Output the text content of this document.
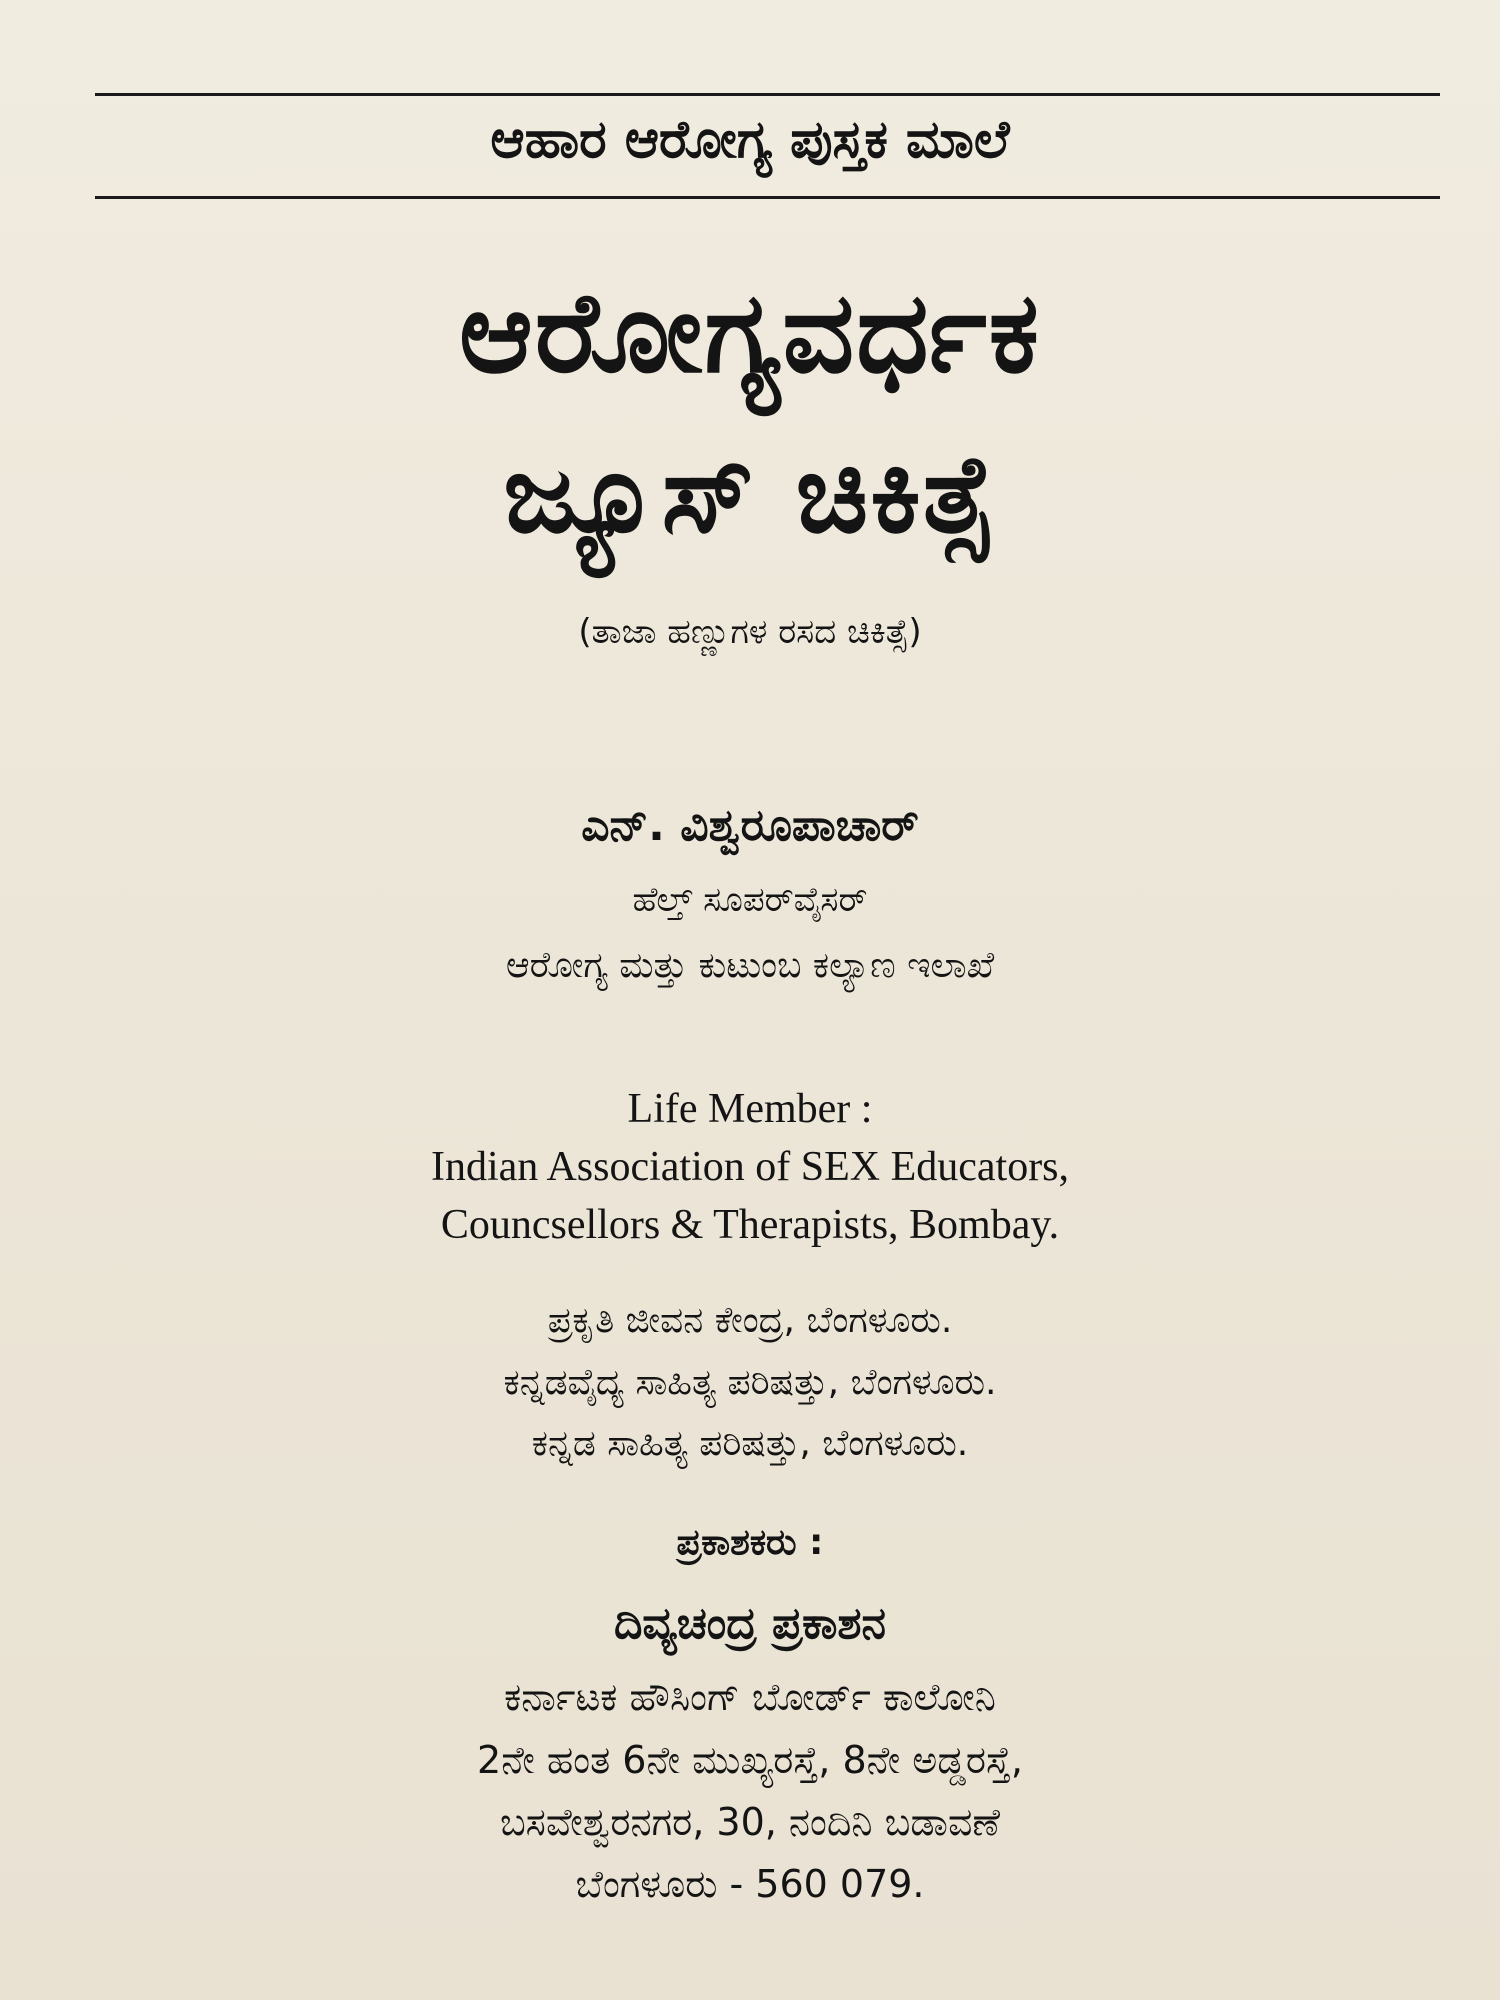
ಆಹಾರ ಆರೋಗ್ಯ ಪುಸ್ತಕ ಮಾಲೆ
ಆರೋಗ್ಯವರ್ಧಕ
ಜ್ಯೂಸ್ ಚಿಕಿತ್ಸೆ
(ತಾಜಾ ಹಣ್ಣುಗಳ ರಸದ ಚಿಕಿತ್ಸೆ)
ಎನ್. ವಿಶ್ವರೂಪಾಚಾರ್
ಹೆಲ್ತ್ ಸೂಪರ್‌ವೈಸರ್
ಆರೋಗ್ಯ ಮತ್ತು ಕುಟುಂಬ ಕಲ್ಯಾಣ ಇಲಾಖೆ
Life Member :
Indian Association of SEX Educators,
Councsellors & Therapists, Bombay.
ಪ್ರಕೃತಿ ಜೀವನ ಕೇಂದ್ರ, ಬೆಂಗಳೂರು.
ಕನ್ನಡವೈದ್ಯ ಸಾಹಿತ್ಯ ಪರಿಷತ್ತು, ಬೆಂಗಳೂರು.
ಕನ್ನಡ ಸಾಹಿತ್ಯ ಪರಿಷತ್ತು, ಬೆಂಗಳೂರು.
ಪ್ರಕಾಶಕರು :
ದಿವ್ಯಚಂದ್ರ ಪ್ರಕಾಶನ
ಕರ್ನಾಟಕ ಹೌಸಿಂಗ್ ಬೋರ್ಡ್ ಕಾಲೋನಿ
2ನೇ ಹಂತ 6ನೇ ಮುಖ್ಯರಸ್ತೆ, 8ನೇ ಅಡ್ಡರಸ್ತೆ,
ಬಸವೇಶ್ವರನಗರ, 30, ನಂದಿನಿ ಬಡಾವಣೆ
ಬೆಂಗಳೂರು - 560 079.
